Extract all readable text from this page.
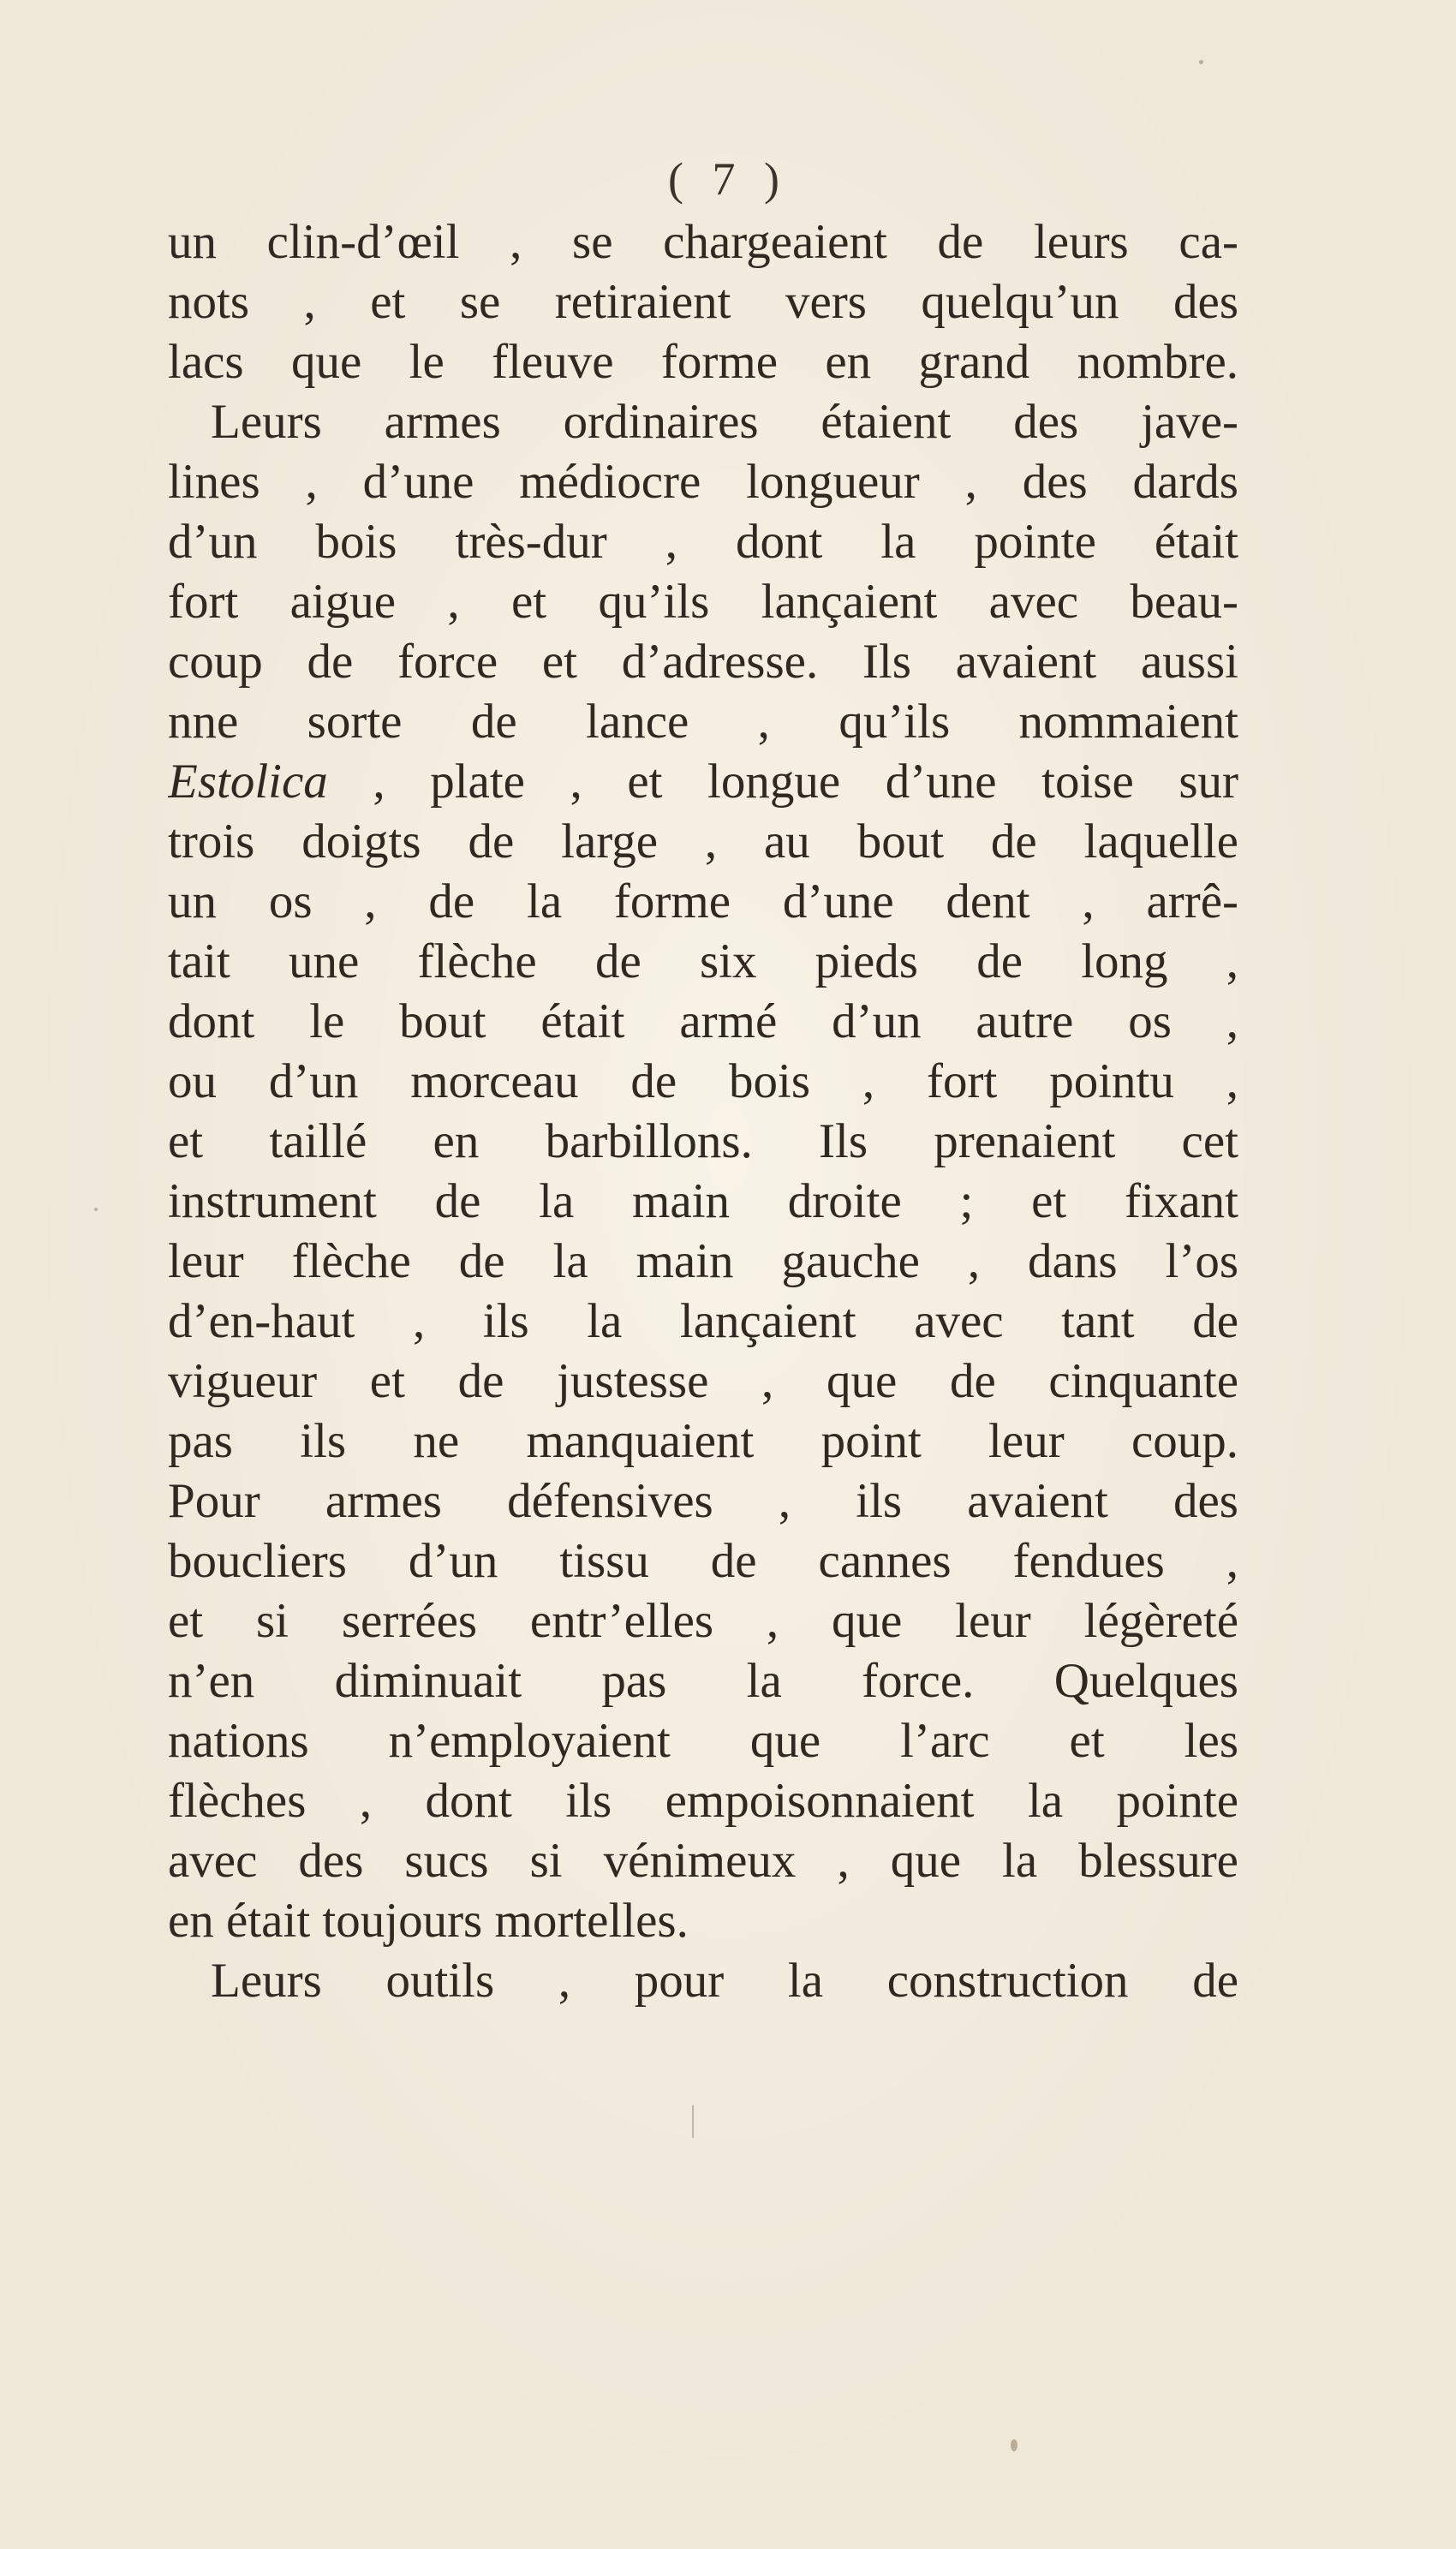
( 7 )
un clin-d’œil , se chargeaient de leurs ca-
nots , et se retiraient vers quelqu’un des
lacs que le fleuve forme en grand nombre.
Leurs armes ordinaires étaient des jave-
lines , d’une médiocre longueur , des dards
d’un bois très-dur , dont la pointe était
fort aigue , et qu’ils lançaient avec beau-
coup de force et d’adresse. Ils avaient aussi
nne sorte de lance , qu’ils nommaient
Estolica , plate , et longue d’une toise sur
trois doigts de large , au bout de laquelle
un os , de la forme d’une dent , arrê-
tait une flèche de six pieds de long ,
dont le bout était armé d’un autre os ,
ou d’un morceau de bois , fort pointu ,
et taillé en barbillons. Ils prenaient cet
instrument de la main droite ; et fixant
leur flèche de la main gauche , dans l’os
d’en-haut , ils la lançaient avec tant de
vigueur et de justesse , que de cinquante
pas ils ne manquaient point leur coup.
Pour armes défensives , ils avaient des
boucliers d’un tissu de cannes fendues ,
et si serrées entr’elles , que leur légèreté
n’en diminuait pas la force. Quelques
nations n’employaient que l’arc et les
flèches , dont ils empoisonnaient la pointe
avec des sucs si vénimeux , que la blessure
en était toujours mortelles.
Leurs outils , pour la construction de
